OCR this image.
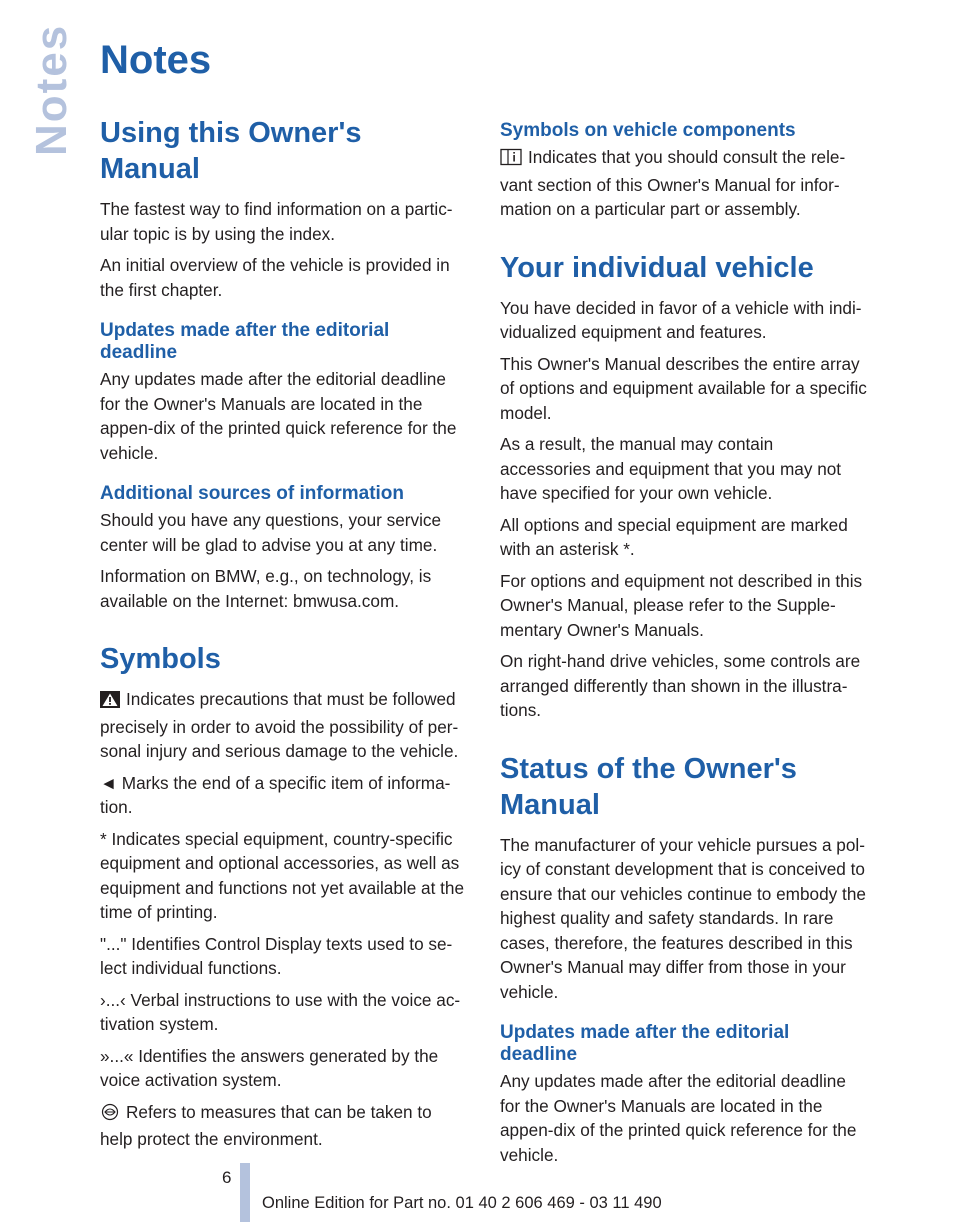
Notes Notes
Using this Owner's Manual

The fastest way to find information on a partic-ular topic is by using the index.

An initial overview of the vehicle is provided in the first chapter.

Updates made after the editorial deadline

Any updates made after the editorial deadline for the Owner's Manuals are located in the appen-dix of the printed quick reference for the vehicle.

Additional sources of information

Should you have any questions, your service center will be glad to advise you at any time.

Information on BMW, e.g., on technology, is available on the Internet: bmwusa.com.

Symbols

Indicates precautions that must be followed precisely in order to avoid the possibility of per-sonal injury and serious damage to the vehicle.

◄ Marks the end of a specific item of informa-tion.

* Indicates special equipment, country-specific equipment and optional accessories, as well as equipment and functions not yet available at the time of printing.

"..." Identifies Control Display texts used to se-lect individual functions.

›...‹ Verbal instructions to use with the voice ac-tivation system.

»...« Identifies the answers generated by the voice activation system.

Refers to measures that can be taken to help protect the environment.

Symbols on vehicle components

Indicates that you should consult the rele-vant section of this Owner's Manual for infor-mation on a particular part or assembly.

Your individual vehicle

You have decided in favor of a vehicle with indi-vidualized equipment and features.

This Owner's Manual describes the entire array of options and equipment available for a specific model.

As a result, the manual may contain accessories and equipment that you may not have specified for your own vehicle.

All options and special equipment are marked with an asterisk *.

For options and equipment not described in this Owner's Manual, please refer to the Supple-mentary Owner's Manuals.

On right-hand drive vehicles, some controls are arranged differently than shown in the illustra-tions.

Status of the Owner's Manual

The manufacturer of your vehicle pursues a pol-icy of constant development that is conceived to ensure that our vehicles continue to embody the highest quality and safety standards. In rare cases, therefore, the features described in this Owner's Manual may differ from those in your vehicle.

Updates made after the editorial deadline

Any updates made after the editorial deadline for the Owner's Manuals are located in the appen-dix of the printed quick reference for the vehicle.

6
Online Edition for Part no. 01 40 2 606 469 - 03 11 490
